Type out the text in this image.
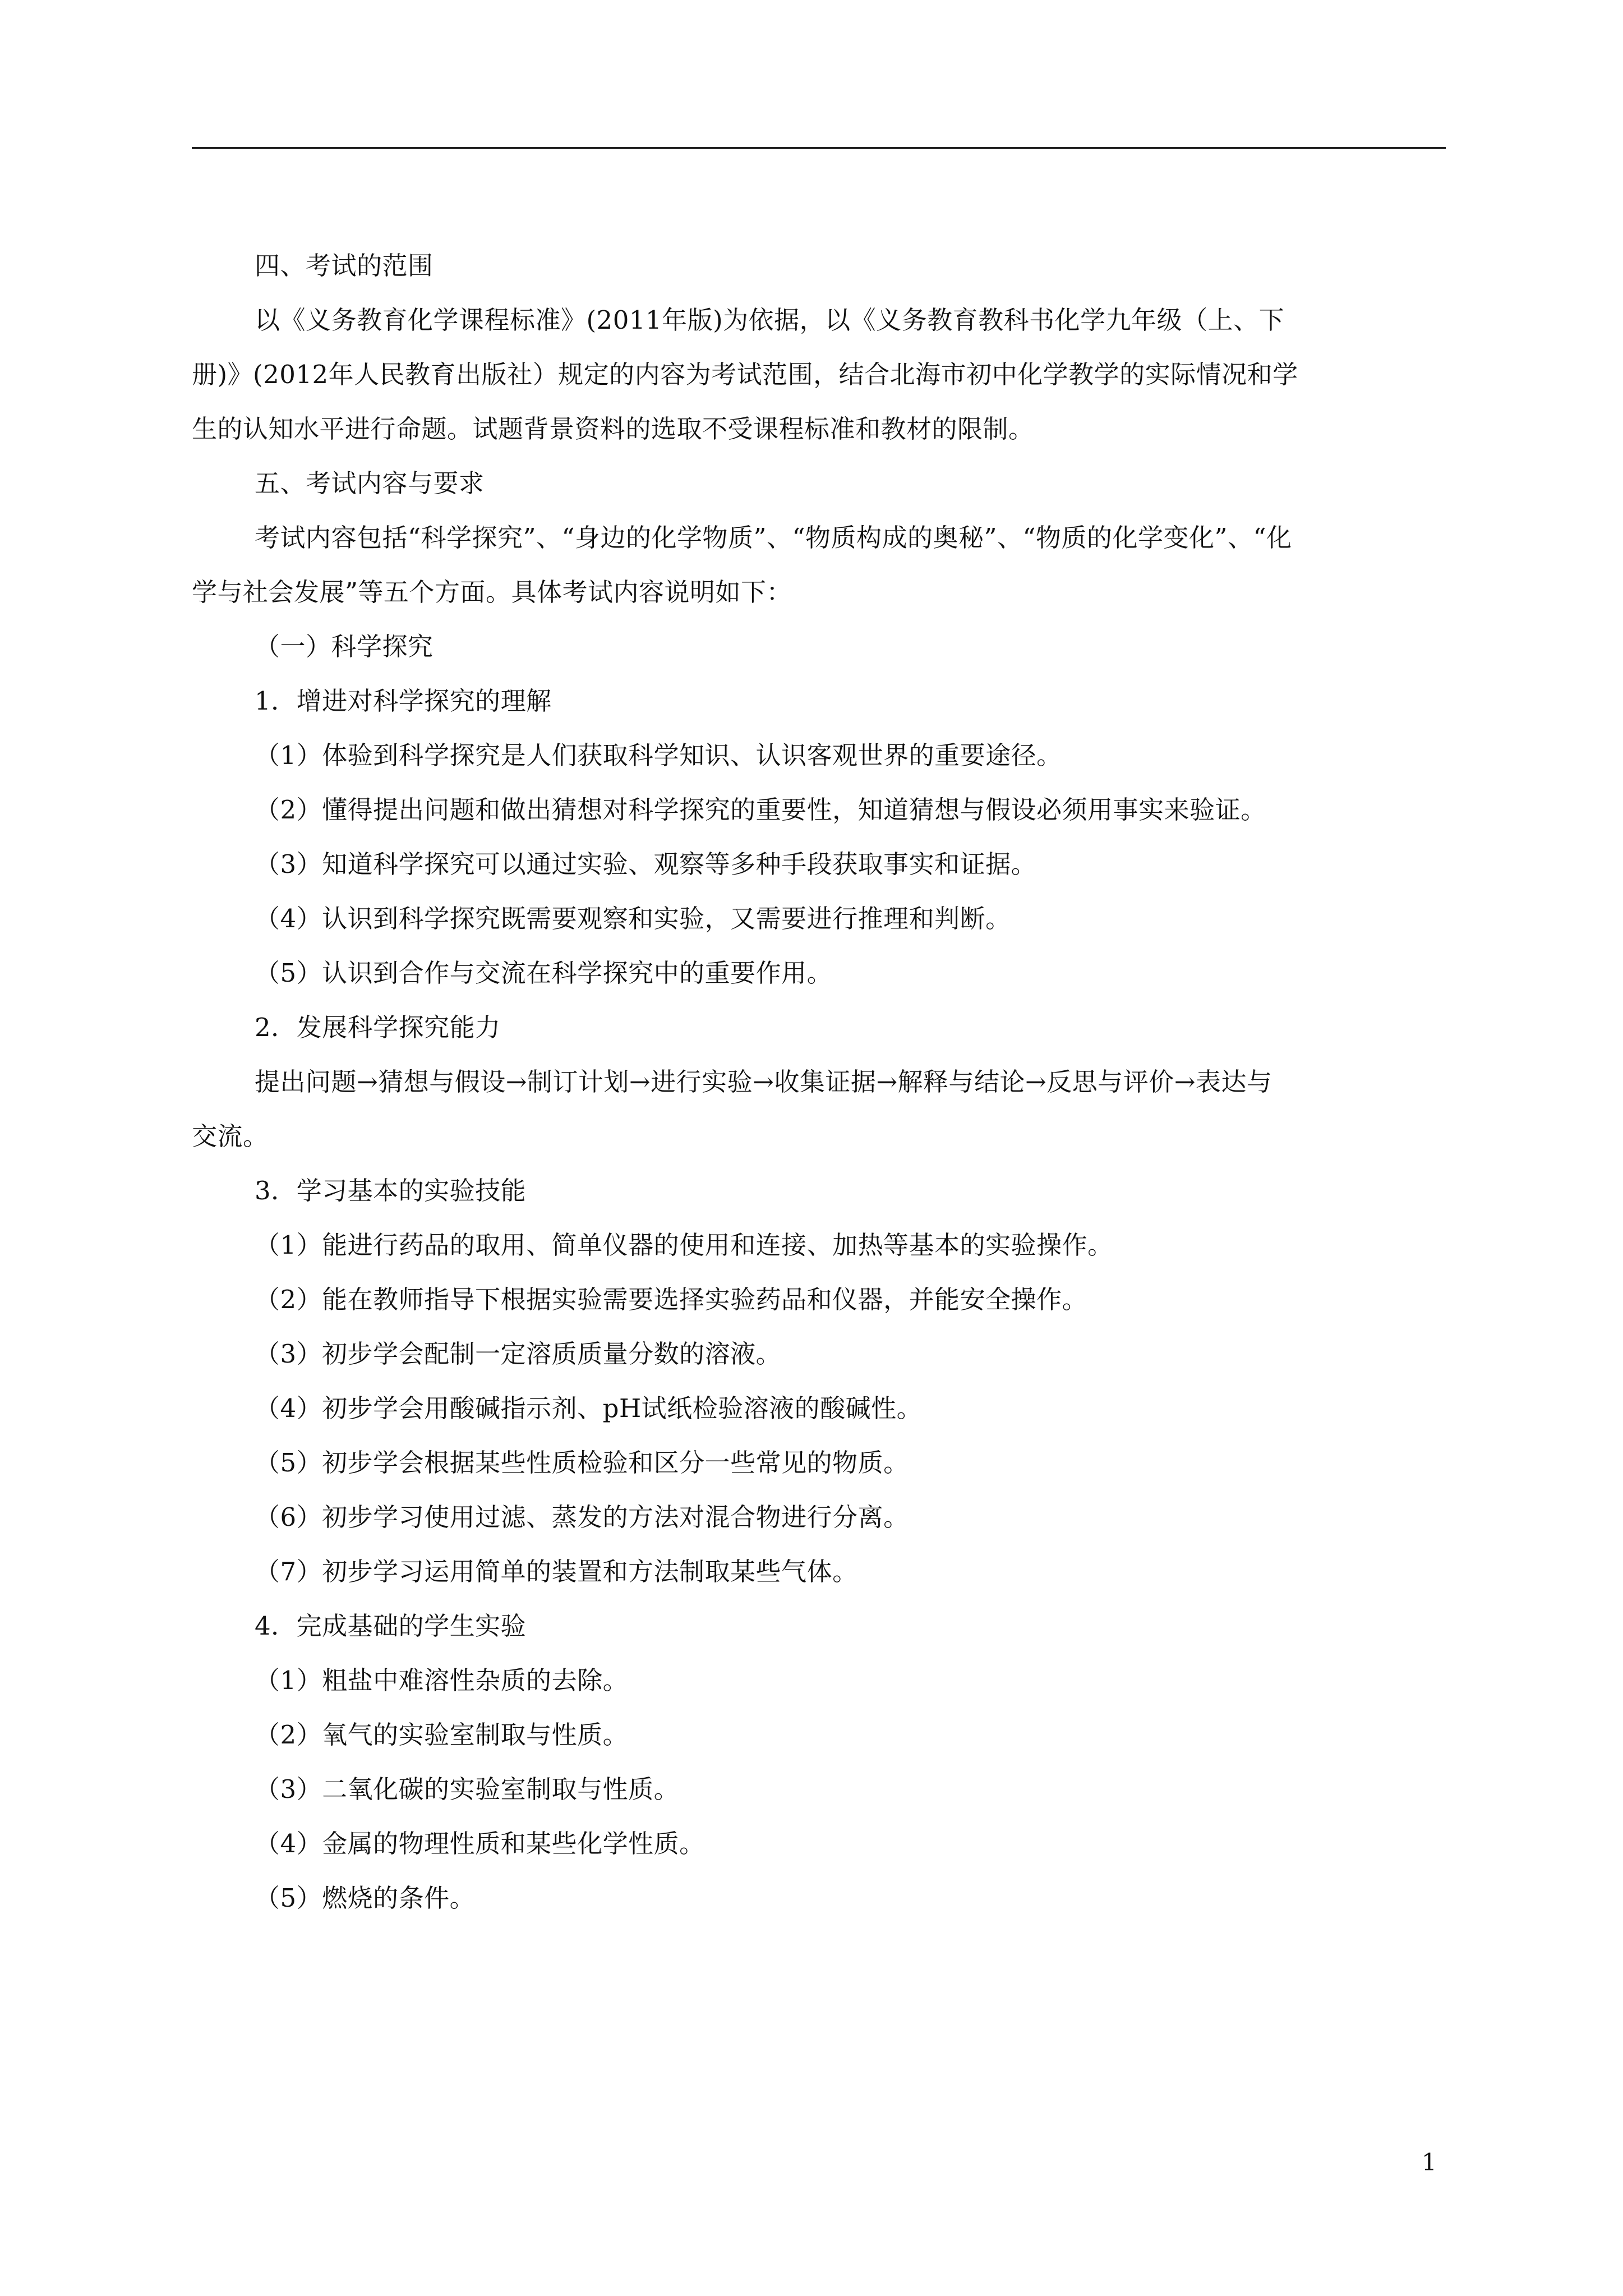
四、考试的范围
以《义务教育化学课程标准》(2011年版)为依据，以《义务教育教科书化学九年级（上、下
册)》(2012年人民教育出版社）规定的内容为考试范围，结合北海市初中化学教学的实际情况和学
生的认知水平进行命题。试题背景资料的选取不受课程标准和教材的限制。
五、考试内容与要求
考试内容包括“科学探究”、“身边的化学物质”、“物质构成的奥秘”、“物质的化学变化”、“化
学与社会发展”等五个方面。具体考试内容说明如下：
（一）科学探究
1．增进对科学探究的理解
（1）体验到科学探究是人们获取科学知识、认识客观世界的重要途径。
（2）懂得提出问题和做出猜想对科学探究的重要性，知道猜想与假设必须用事实来验证。
（3）知道科学探究可以通过实验、观察等多种手段获取事实和证据。
（4）认识到科学探究既需要观察和实验，又需要进行推理和判断。
（5）认识到合作与交流在科学探究中的重要作用。
2．发展科学探究能力
提出问题→猜想与假设→制订计划→进行实验→收集证据→解释与结论→反思与评价→表达与
交流。
3．学习基本的实验技能
（1）能进行药品的取用、简单仪器的使用和连接、加热等基本的实验操作。
（2）能在教师指导下根据实验需要选择实验药品和仪器，并能安全操作。
（3）初步学会配制一定溶质质量分数的溶液。
（4）初步学会用酸碱指示剂、pH试纸检验溶液的酸碱性。
（5）初步学会根据某些性质检验和区分一些常见的物质。
（6）初步学习使用过滤、蒸发的方法对混合物进行分离。
（7）初步学习运用简单的装置和方法制取某些气体。
4．完成基础的学生实验
（1）粗盐中难溶性杂质的去除。
（2）氧气的实验室制取与性质。
（3）二氧化碳的实验室制取与性质。
（4）金属的物理性质和某些化学性质。
（5）燃烧的条件。
1
